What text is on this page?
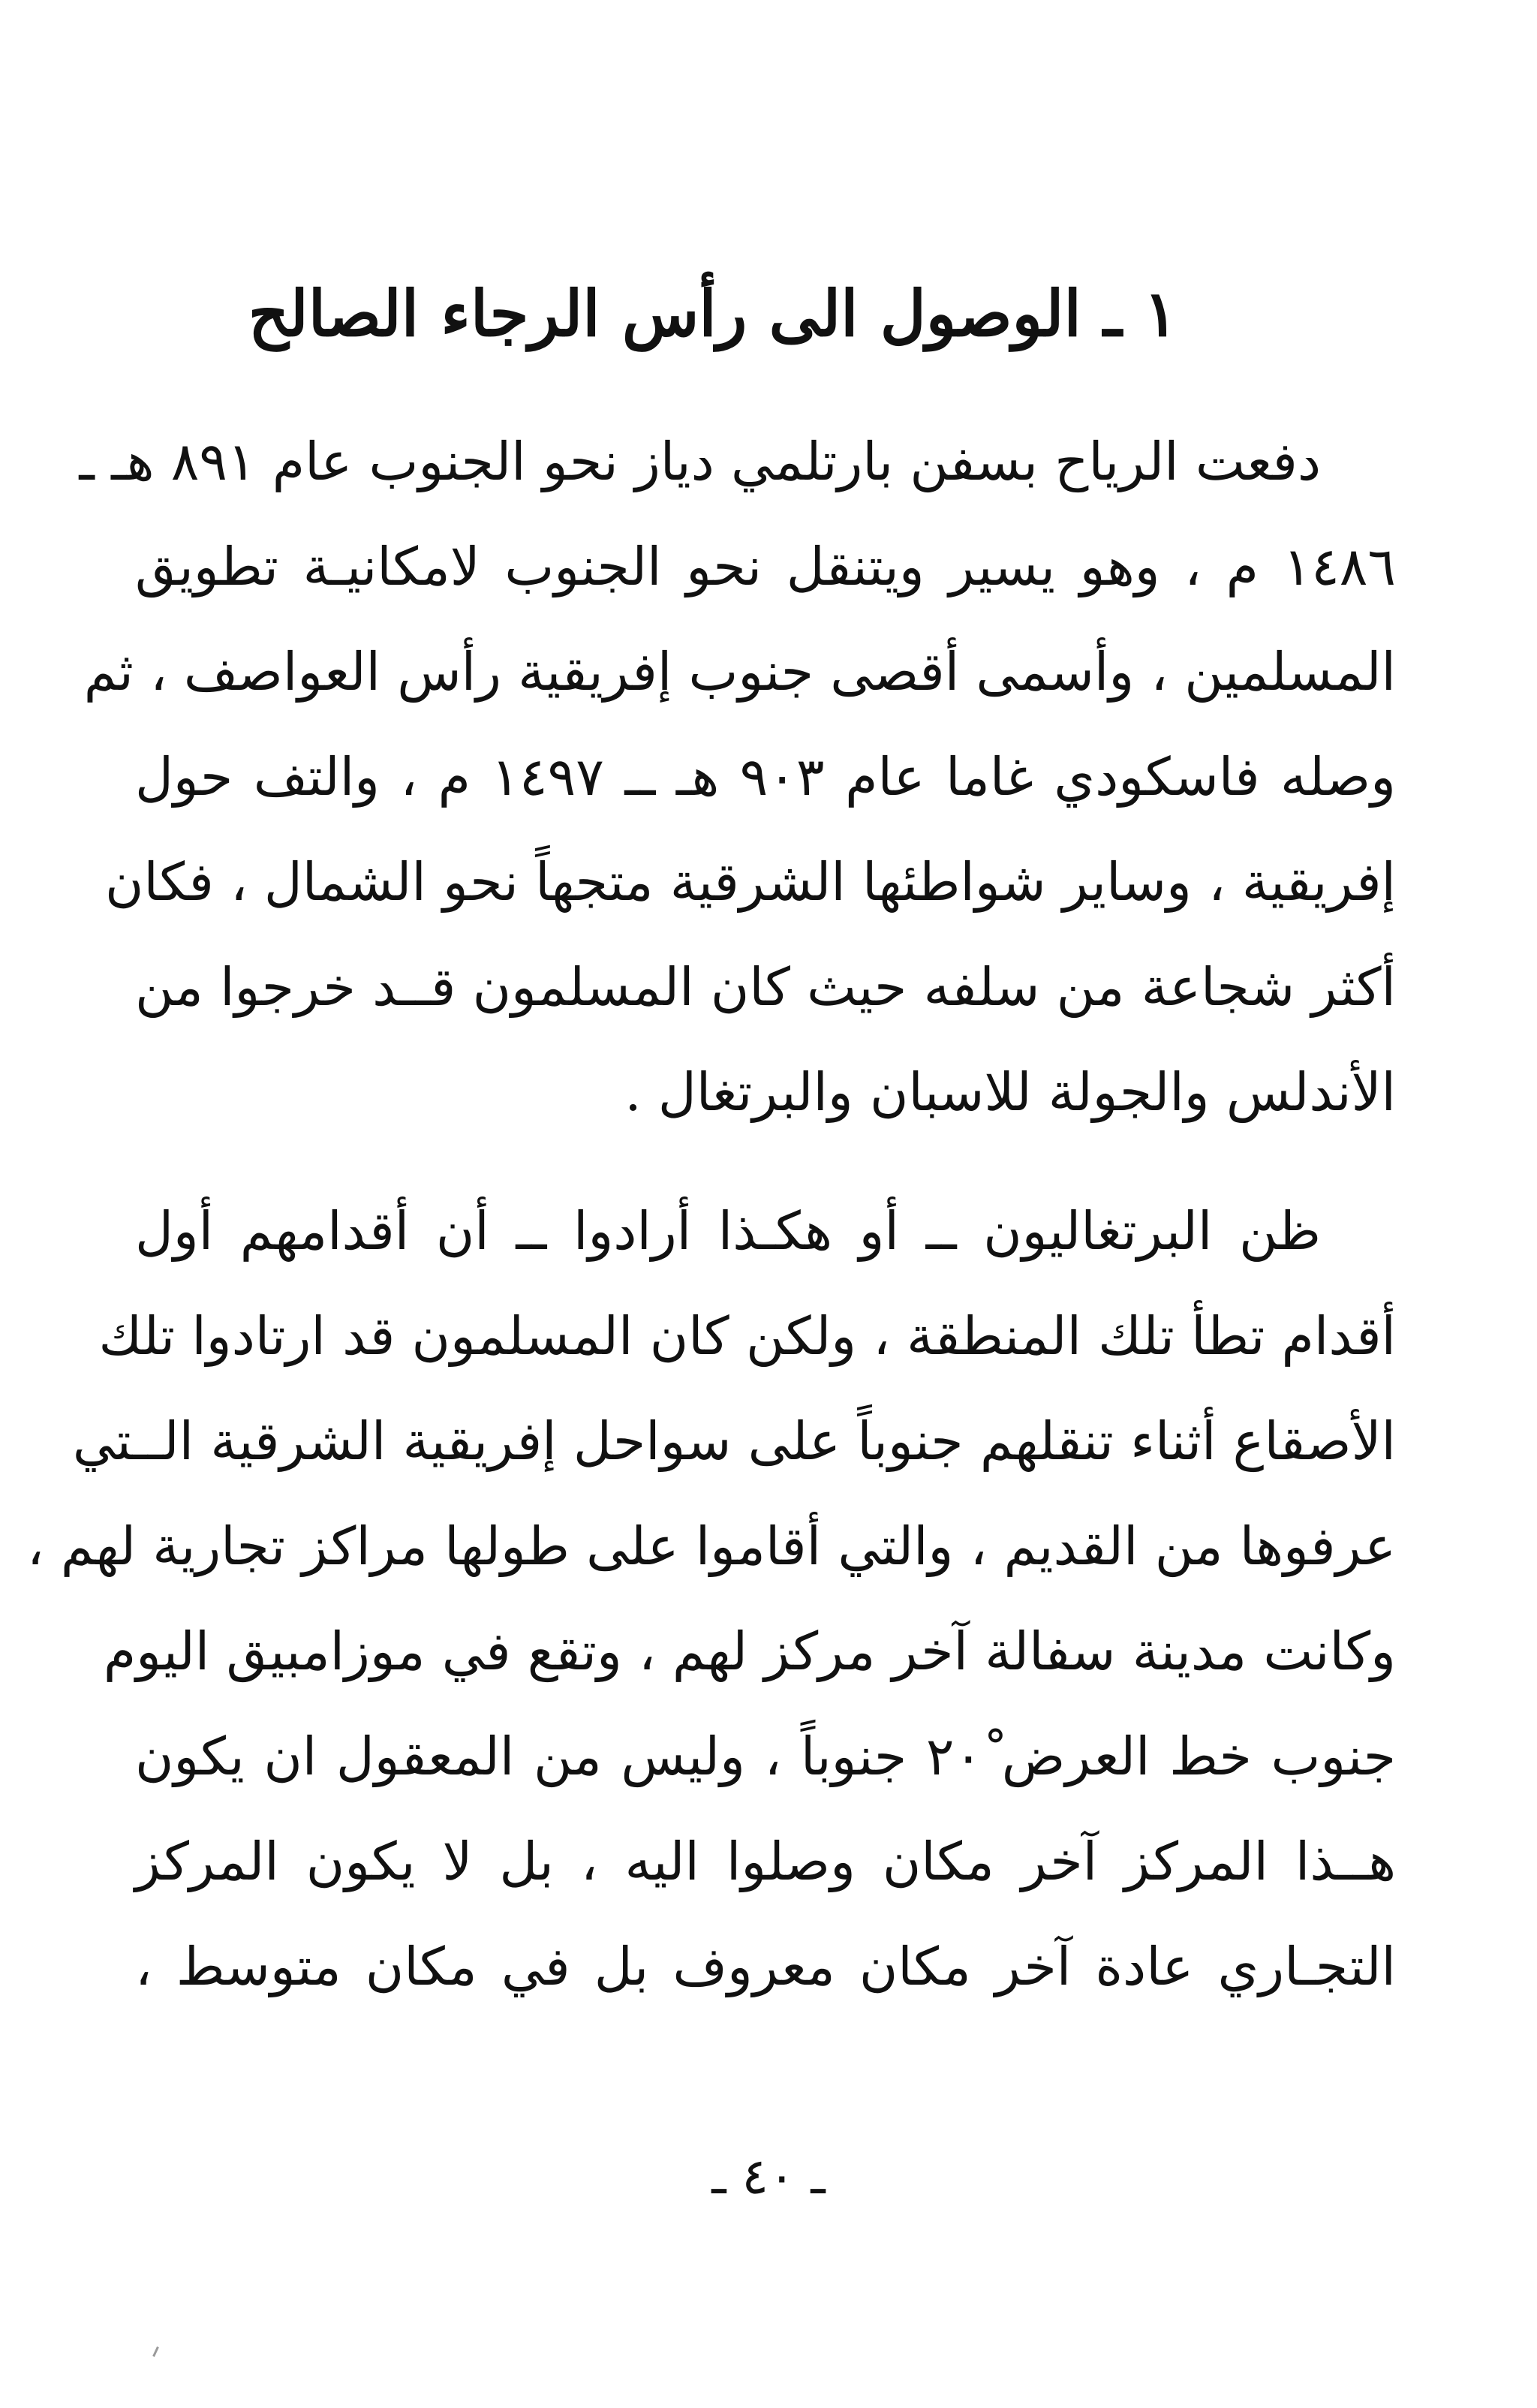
١ ـ الوصول الى رأس الرجاء الصالح
دفعت الرياح بسفن بارتلمي دياز نحو الجنوب عام ٨٩١ هـ ـ
١٤٨٦ م ، وهو يسير ويتنقل نحو الجنوب لامكانيـة تطويق
المسلمين ، وأسمى أقصى جنوب إفريقية رأس العواصف ، ثم
وصله فاسكودي غاما عام ٩٠٣ هـ ــ ١٤٩٧ م ، والتف حول
إفريقية ، وساير شواطئها الشرقية متجهاً نحو الشمال ، فكان
أكثر شجاعة من سلفه حيث كان المسلمون قــد خرجوا من
الأندلس والجولة للاسبان والبرتغال .
ظن البرتغاليون ــ أو هكـذا أرادوا ــ أن أقدامهم أول
أقدام تطأ تلك المنطقة ، ولكن كان المسلمون قد ارتادوا تلك
الأصقاع أثناء تنقلهم جنوباً على سواحل إفريقية الشرقية الــتي
عرفوها من القديم ، والتي أقاموا على طولها مراكز تجارية لهم ،
وكانت مدينة سفالة آخر مركز لهم ، وتقع في موزامبيق اليوم
جنوب خط العرض ٢٠ْ جنوباً ، وليس من المعقول ان يكون
هــذا المركز آخر مكان وصلوا اليه ، بل لا يكون المركز
التجـاري عادة آخر مكان معروف بل في مكان متوسط ،
ـ ٤٠ ـ
